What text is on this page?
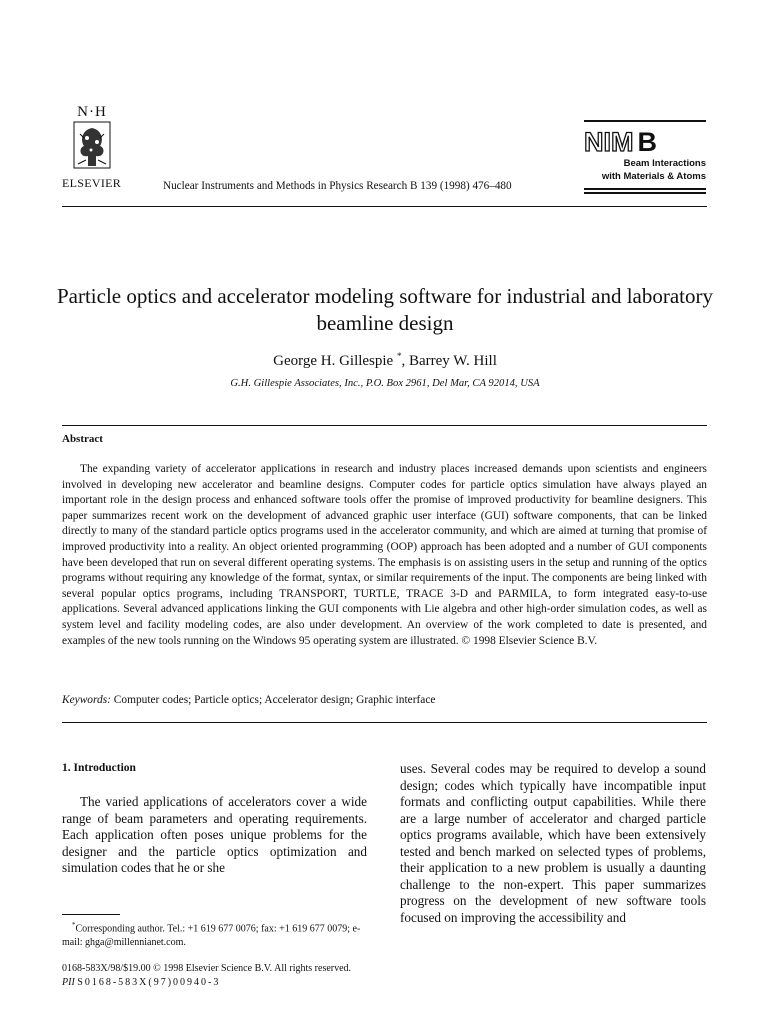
N·H
ELSEVIER	Nuclear Instruments and Methods in Physics Research B 139 (1998) 476–480
NIM B
Beam Interactions
with Materials & Atoms
Particle optics and accelerator modeling software for industrial and laboratory beamline design
George H. Gillespie *, Barrey W. Hill
G.H. Gillespie Associates, Inc., P.O. Box 2961, Del Mar, CA 92014, USA
Abstract
The expanding variety of accelerator applications in research and industry places increased demands upon scientists and engineers involved in developing new accelerator and beamline designs. Computer codes for particle optics simulation have always played an important role in the design process and enhanced software tools offer the promise of improved productivity for beamline designers. This paper summarizes recent work on the development of advanced graphic user interface (GUI) software components, that can be linked directly to many of the standard particle optics programs used in the accelerator community, and which are aimed at turning that promise of improved productivity into a reality. An object oriented programming (OOP) approach has been adopted and a number of GUI components have been developed that run on several different operating systems. The emphasis is on assisting users in the setup and running of the optics programs without requiring any knowledge of the format, syntax, or similar requirements of the input. The components are being linked with several popular optics programs, including TRANSPORT, TURTLE, TRACE 3-D and PARMILA, to form integrated easy-to-use applications. Several advanced applications linking the GUI components with Lie algebra and other high-order simulation codes, as well as system level and facility modeling codes, are also under development. An overview of the work completed to date is presented, and examples of the new tools running on the Windows 95 operating system are illustrated. © 1998 Elsevier Science B.V.
Keywords: Computer codes; Particle optics; Accelerator design; Graphic interface
1. Introduction
The varied applications of accelerators cover a wide range of beam parameters and operating requirements. Each application often poses unique problems for the designer and the particle optics optimization and simulation codes that he or she
uses. Several codes may be required to develop a sound design; codes which typically have incompatible input formats and conflicting output capabilities. While there are a large number of accelerator and charged particle optics programs available, which have been extensively tested and bench marked on selected types of problems, their application to a new problem is usually a daunting challenge to the non-expert. This paper summarizes progress on the development of new software tools focused on improving the accessibility and
*Corresponding author. Tel.: +1 619 677 0076; fax: +1 619 677 0079; e-mail: ghga@millennianet.com.
0168-583X/98/$19.00 © 1998 Elsevier Science B.V. All rights reserved.
PII S0168-583X(97)00940-3
